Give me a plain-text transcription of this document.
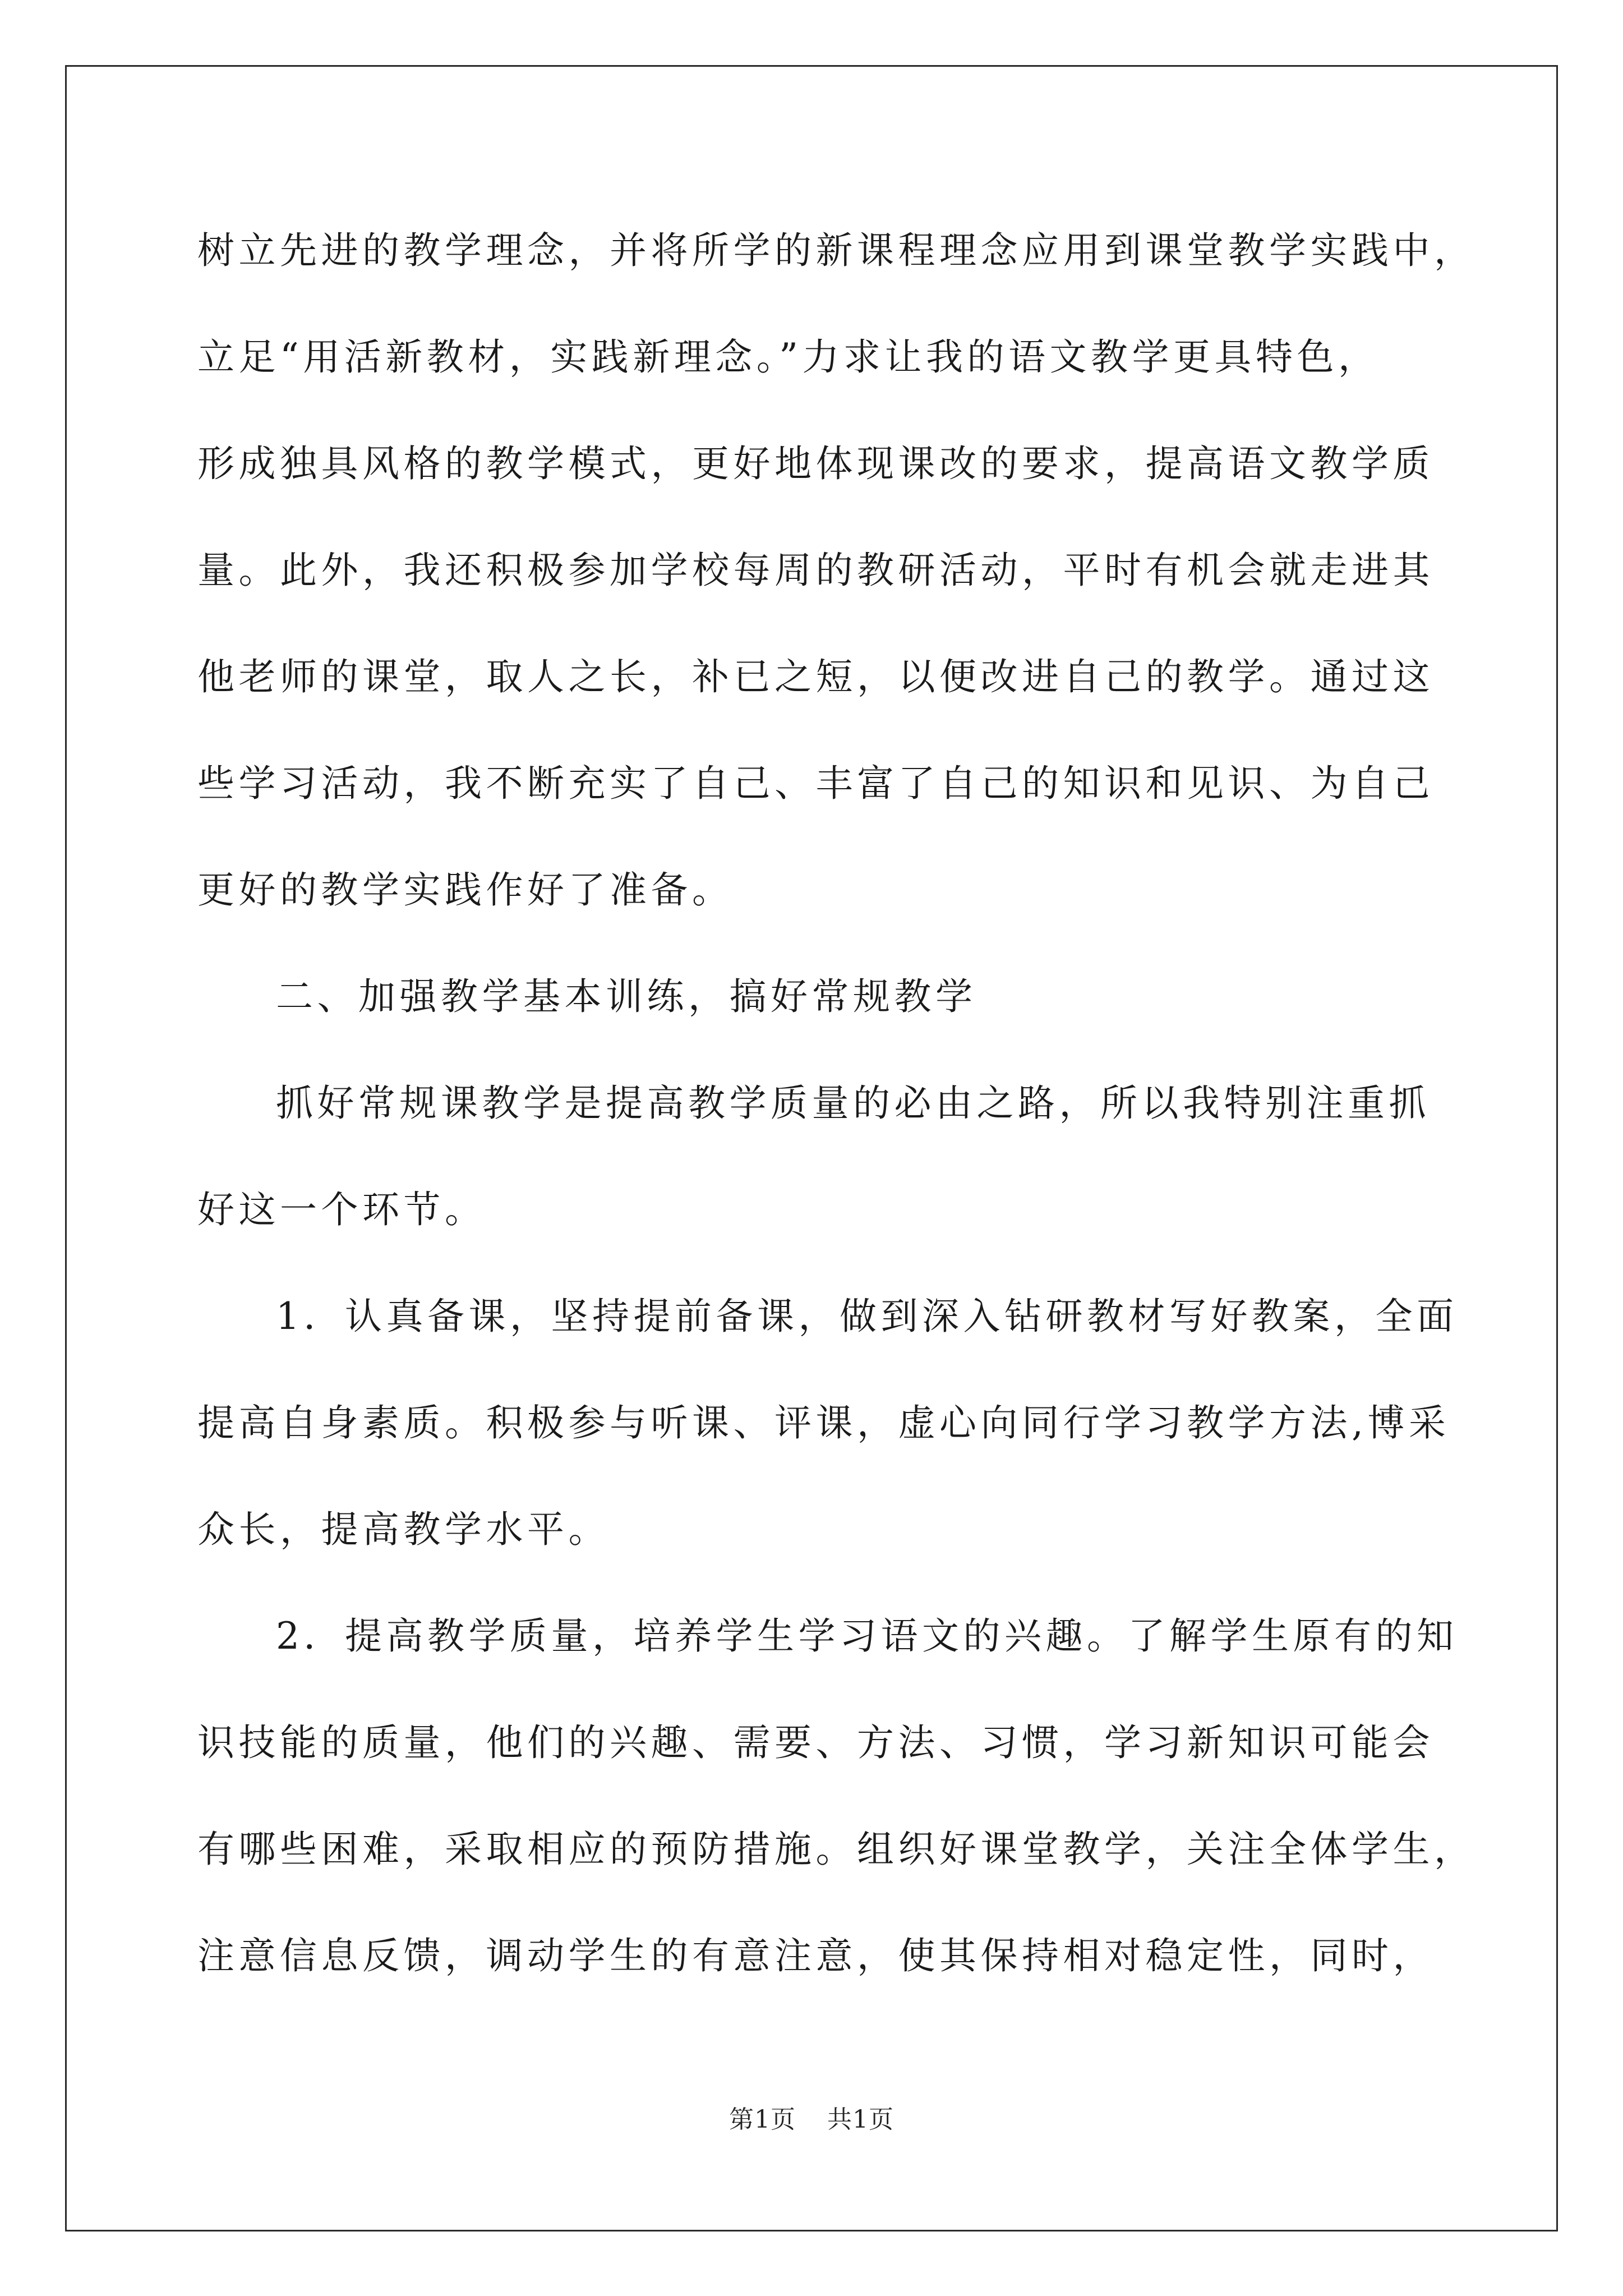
树立先进的教学理念，并将所学的新课程理念应用到课堂教学实践中，
立足“用活新教材，实践新理念。”力求让我的语文教学更具特色，
形成独具风格的教学模式，更好地体现课改的要求，提高语文教学质
量。此外，我还积极参加学校每周的教研活动，平时有机会就走进其
他老师的课堂，取人之长，补已之短，以便改进自己的教学。通过这
些学习活动，我不断充实了自己、丰富了自己的知识和见识、为自己
更好的教学实践作好了准备。
二、加强教学基本训练，搞好常规教学
抓好常规课教学是提高教学质量的必由之路，所以我特别注重抓
好这一个环节。
1．认真备课，坚持提前备课，做到深入钻研教材写好教案，全面
提高自身素质。积极参与听课、评课，虚心向同行学习教学方法,博采
众长，提高教学水平。
2．提高教学质量，培养学生学习语文的兴趣。了解学生原有的知
识技能的质量，他们的兴趣、需要、方法、习惯，学习新知识可能会
有哪些困难，采取相应的预防措施。组织好课堂教学，关注全体学生，
注意信息反馈，调动学生的有意注意，使其保持相对稳定性，同时，
第1页 共1页
